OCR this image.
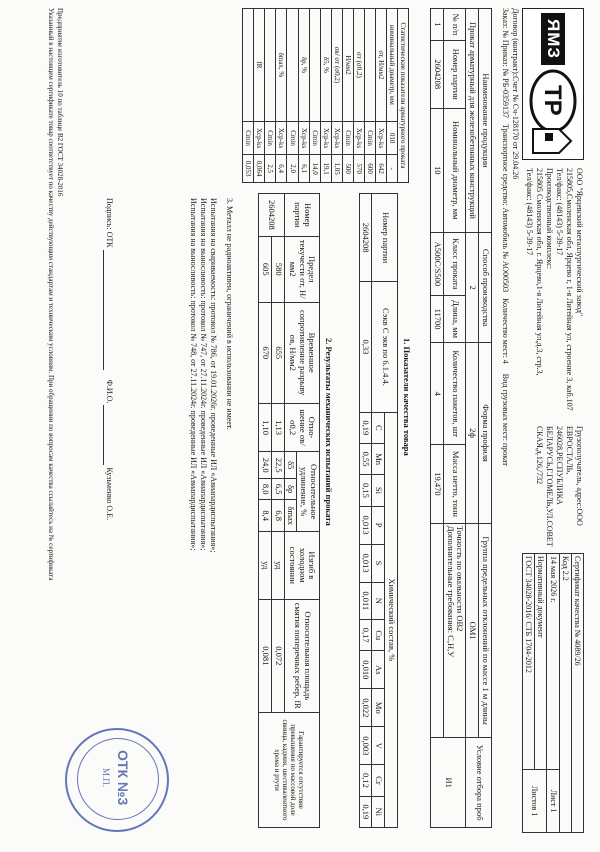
ЯМЗ
TP
ООО "Ярцевский металлургический завод"
215805,Смоленская обл, Ярцево г, 1-я Литейная ул, строение 3, каб.107
Тел/факс: (48143) 5-39-17
Производственный комплекс:
215805 Смоленская обл, г. Ярцево,1-я Литейная ул,д.3, стр.3,
Тел/факс: (48143) 5-39-17
Грузополучатель, адрес:ООО
ЕВРОСТАЛЬ,
246028,РЕСПУБЛИКА
БЕЛАРУСЬ,Г.ГОМЕЛЬ,УЛ.СОВЕТ
СКАЯ,д.126,/732
Сертификат качества № 4089/26	
Код 2.2	
14 мая 2026 г.	Лист 1
Нормативный документ	Листов 1
ГОСТ 34028-2016/ СТБ 1704-2012	
Договор (контракт):Счет № Сч-128170 от 29.04.26
Заказ: № Приказ: № РБ-0359137   Транспортное средство: Автомобиль № АО00503   Количество мест: 4     Вид грузовых мест: прокат
Наименование продукции			Способ производства		Форма профиля		Группа предельных отклонений по массе 1 м длины	Условие отбора проб
Прокат арматурный для железобетонных конструкций			2		2ф		ОМ1	
№ п/п	Номер партии	Номинальный диаметр, мм	Класс проката	Длина, мм	Количество пакетов, шт	Масса нетто, тонн	Точность по овальности ОВ2
Дополнительные требования: С,Н,У	И1
1	2604208	10	А500С/S500	11700	4	19,470		
Статистические показатели арматурного проката		
номинальный диаметр, мм	010	-
σт, Н/мм2	Хср-ks	642
	Cmin	600
σт (σ0,2)	Хср-ks	570
Н/мм2	Cmin	500
σв/ σт (σ0,2)	Хср-ks	1,05
δ5, %	Хср-ks	19,1
	Cmin	14,0
δр, %	Хср-ks	6,1
	Cmin	2,0
δmax, %	Хср-ks	6,4
	Cmin	2,5
fR	Хср-ks	0,064
	Cmin	0,053
1. Показатели качества товара
Номер партии	Сэкв С экв по 6.1.4.4.	Химический состав, %											
		C	Mn	Si	P	S	N	Cu	As	Mo	V	Cr	Ni
2604208	0,33	0,19	0,55	0,15	0,013	0,013	0,011	0,17	0,010	0,022	0,003	0,12	0,19
2. Результаты механических испытаний проката
Номер партии	Предел текучести σт, Н/мм2	Временное сопротивление разрыву σв, Н/мм2	Отно- шение σв/ σ0,2	Относительное удлинение, %			Изгиб в холодном состоянии	Относительная площадь смятия поперечных ребер, fR	Гарантируется отсутствие превышения по массовой доле свинца, кадмия, шестивалентного хрома и ртути
				δ5	δр	δmax			
2604208	580	655	1,13	22,5	6,5	6,8	уд	0,072	
	605	670	1,10	24,0	8,0	8,4	уд	0,081	
3. Металл не радиоактивен, ограничений в использовании не имеет.
Испытания на свариваемость: протокол № 786, от 19.01.2026г. проведенные ИЛ «Авиапардиспытания»;
Испытания на выносливость: протокол № 747, от 27.11.2024г. проведенные ИЛ «Авиапардиспытания»;
Испытания на выносливость: протокол № 748, от 27.11.2024г. проведенные ИЛ «Авиапардиспытания»;
Подпись: ОТК       Ф.И.О.   Кузьменко О.Е.
ОТК №3
М.П.
Предприятие изготовитель 10 по таблице В2 ГОСТ 34028-2016
Указанный в настоящем сертификате товар соответствует по качеству действующим стандартам и техническим условиям. При обращении по вопросам качества ссылайтесь на № сертификата
